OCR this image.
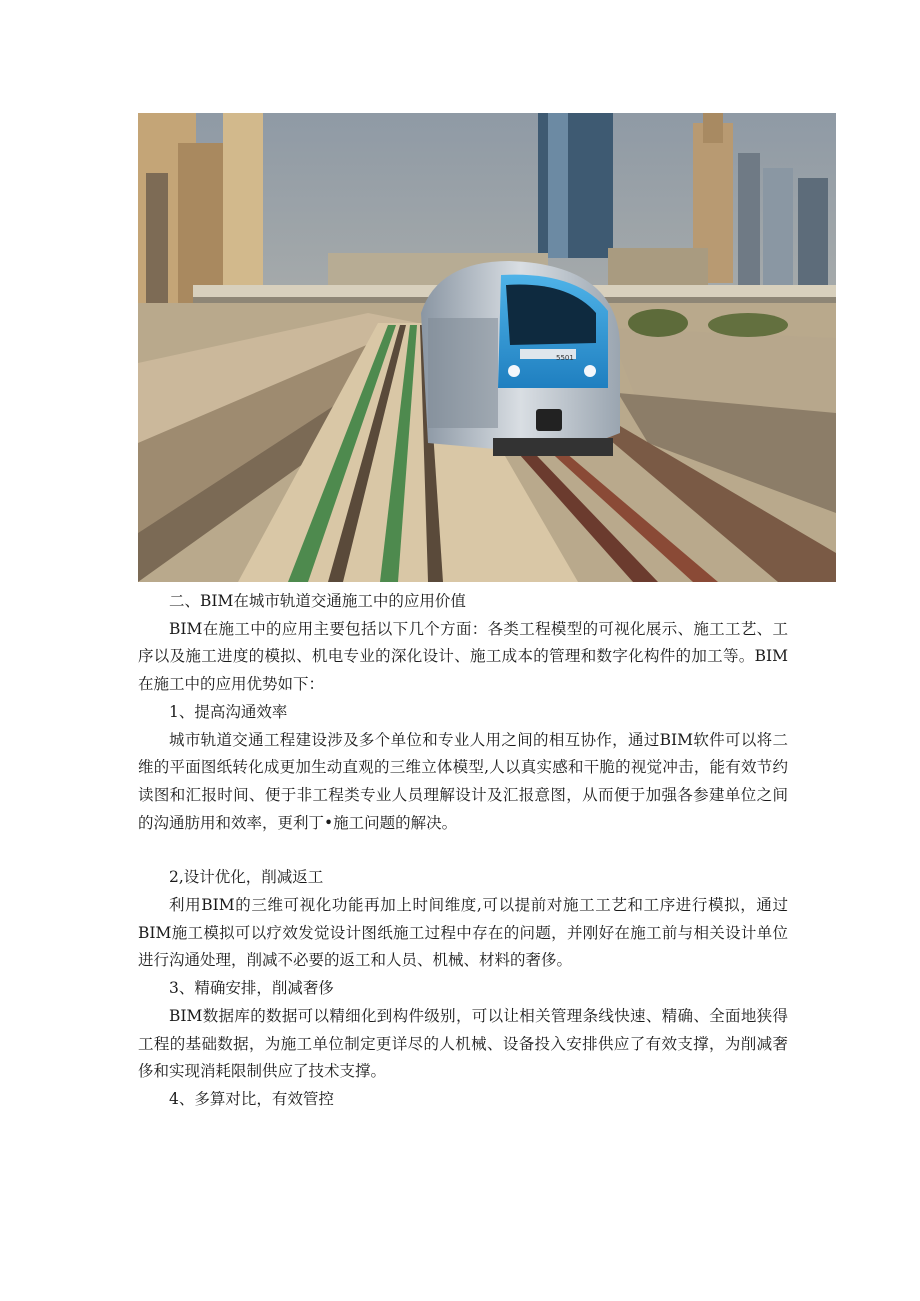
5501

二、BIM在城市轨道交通施工中的应用价值

BIM在施工中的应用主要包括以下几个方面：各类工程模型的可视化展示、施工工艺、工序以及施工进度的模拟、机电专业的深化设计、施工成本的管理和数字化构件的加工等。BIM在施工中的应用优势如下：

1、提高沟通效率

城市轨道交通工程建设涉及多个单位和专业人用之间的相互协作，通过BIM软件可以将二维的平面图纸转化成更加生动直观的三维立体模型,人以真实感和干脆的视觉冲击，能有效节约读图和汇报时间、便于非工程类专业人员理解设计及汇报意图，从而便于加强各参建单位之间的沟通肪用和效率，更利丁•施工问题的解决。

2,设计优化，削减返工

利用BIM的三维可视化功能再加上时间维度,可以提前对施工工艺和工序进行模拟，通过BIM施工模拟可以疗效发觉设计图纸施工过程中存在的问题，并刚好在施工前与相关设计单位进行沟通处理，削减不必要的返工和人员、机械、材料的奢侈。

3、精确安排，削减奢侈

BIM数据库的数据可以精细化到构件级别，可以让相关管理条线快速、精确、全面地狭得工程的基础数据，为施工单位制定更详尽的人机械、设备投入安排供应了有效支撑，为削减奢侈和实现消耗限制供应了技术支撑。

4、多算对比，有效管控
